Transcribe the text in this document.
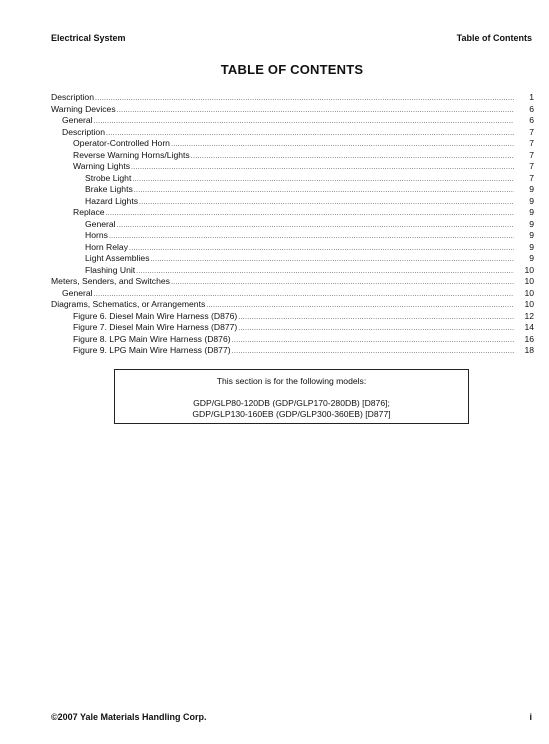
Electrical System	Table of Contents
TABLE OF CONTENTS
Description .....	1
Warning Devices .....	6
General .....	6
Description .....	7
Operator-Controlled Horn .....	7
Reverse Warning Horns/Lights .....	7
Warning Lights .....	7
Strobe Light .....	7
Brake Lights .....	9
Hazard Lights .....	9
Replace .....	9
General .....	9
Horns .....	9
Horn Relay .....	9
Light Assemblies .....	9
Flashing Unit .....	10
Meters, Senders, and Switches .....	10
General .....	10
Diagrams, Schematics, or Arrangements .....	10
Figure 6. Diesel Main Wire Harness (D876) .....	12
Figure 7. Diesel Main Wire Harness (D877) .....	14
Figure 8. LPG Main Wire Harness (D876) .....	16
Figure 9. LPG Main Wire Harness (D877) .....	18
This section is for the following models:
GDP/GLP80-120DB (GDP/GLP170-280DB) [D876];
GDP/GLP130-160EB (GDP/GLP300-360EB) [D877]
©2007 Yale Materials Handling Corp.	i
